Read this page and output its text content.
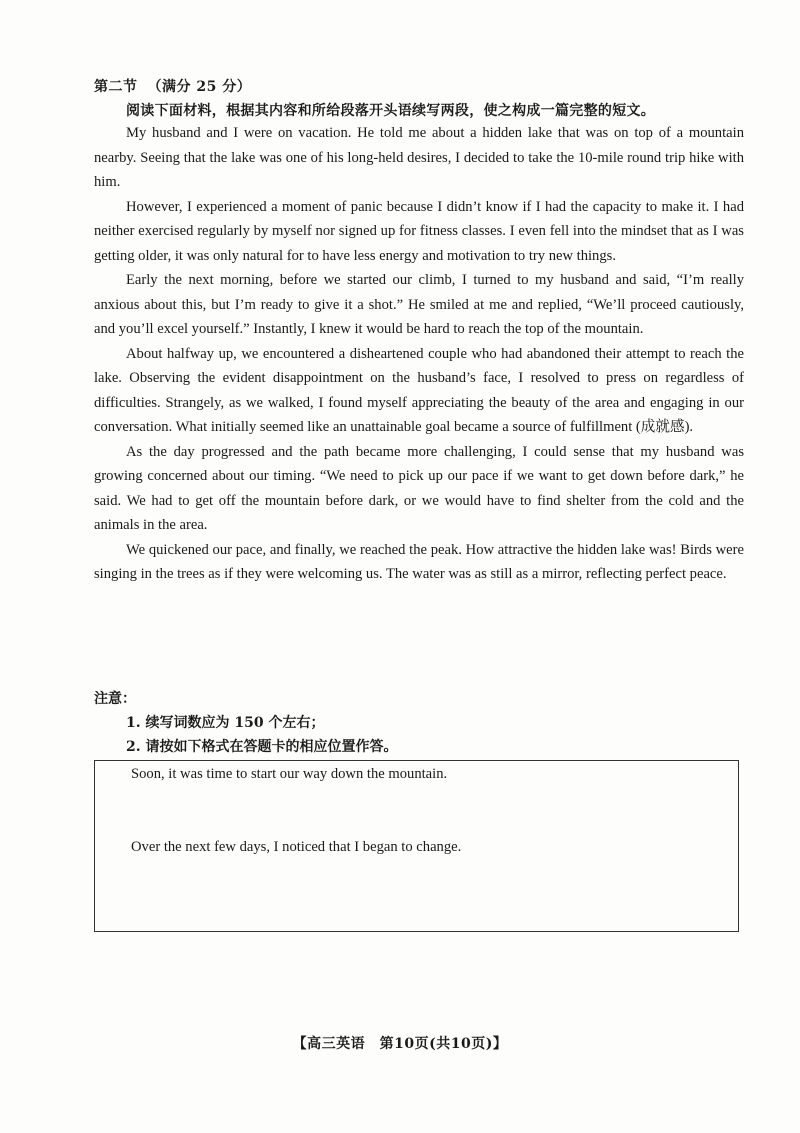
第二节 （满分 25 分）
阅读下面材料，根据其内容和所给段落开头语续写两段，使之构成一篇完整的短文。

My husband and I were on vacation. He told me about a hidden lake that was on top of a mountain nearby. Seeing that the lake was one of his long-held desires, I decided to take the 10-mile round trip hike with him.

However, I experienced a moment of panic because I didn’t know if I had the capacity to make it. I had neither exercised regularly by myself nor signed up for fitness classes. I even fell into the mindset that as I was getting older, it was only natural for to have less energy and motivation to try new things.

Early the next morning, before we started our climb, I turned to my husband and said, “I’m really anxious about this, but I’m ready to give it a shot.” He smiled at me and replied, “We’ll proceed cautiously, and you’ll excel yourself.” Instantly, I knew it would be hard to reach the top of the mountain.

About halfway up, we encountered a disheartened couple who had abandoned their attempt to reach the lake. Observing the evident disappointment on the husband’s face, I resolved to press on regardless of difficulties. Strangely, as we walked, I found myself appreciating the beauty of the area and engaging in our conversation. What initially seemed like an unattainable goal became a source of fulfillment (成就感).

As the day progressed and the path became more challenging, I could sense that my husband was growing concerned about our timing. “We need to pick up our pace if we want to get down before dark,” he said. We had to get off the mountain before dark, or we would have to find shelter from the cold and the animals in the area.

We quickened our pace, and finally, we reached the peak. How attractive the hidden lake was! Birds were singing in the trees as if they were welcoming us. The water was as still as a mirror, reflecting perfect peace.

注意：
1. 续写词数应为 150 个左右；
2. 请按如下格式在答题卡的相应位置作答。
Soon, it was time to start our way down the mountain.
Over the next few days, I noticed that I began to change.
【高三英语　第10页(共10页)】
